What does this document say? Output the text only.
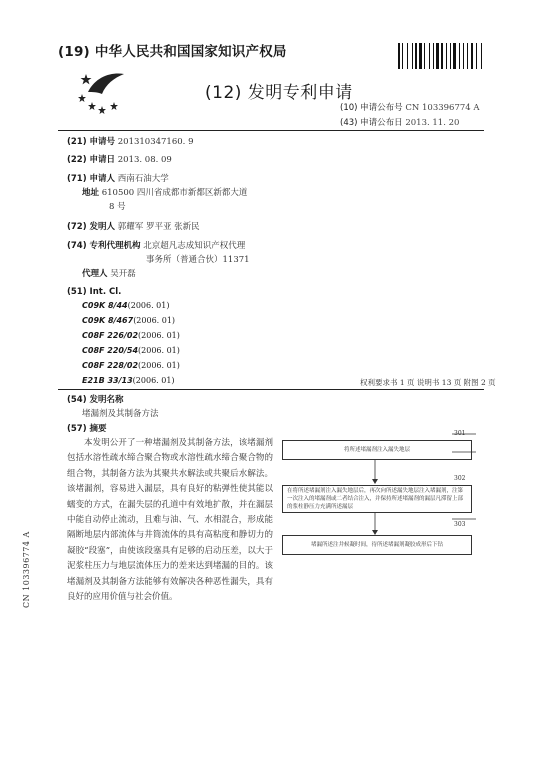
(19) 中华人民共和国国家知识产权局
(12) 发明专利申请
(10) 申请公布号 CN 103396774 A
(43) 申请公布日 2013. 11. 20
(21) 申请号 201310347160. 9
(22) 申请日 2013. 08. 09
(71) 申请人 西南石油大学
地址 610500 四川省成都市新都区新都大道
8 号
(72) 发明人 郭耀军 罗平亚 张新民
(74) 专利代理机构 北京超凡志成知识产权代理
事务所（普通合伙）11371
代理人 吴开磊
(51) Int. Cl.
C09K 8/44(2006. 01)
C09K 8/467(2006. 01)
C08F 226/02(2006. 01)
C08F 220/54(2006. 01)
C08F 228/02(2006. 01)
E21B 33/13(2006. 01)	权利要求书 1 页 说明书 13 页 附图 2 页
(54) 发明名称
堵漏剂及其制备方法
(57) 摘要
本发明公开了一种堵漏剂及其制备方法，该堵漏剂包括水溶性疏水缔合聚合物或水溶性疏水缔合聚合物的组合物，其制备方法为其聚共水解法或共聚后水解法。该堵漏剂，容易进入漏层，具有良好的粘弹性使其能以蠕变的方式，在漏失层的孔道中有效地扩散，并在漏层中能自动停止流动，且难与油、气、水相混合，形成能隔断地层内部流体与井筒流体的具有高粘度和静切力的凝胶“段塞”，由使该段塞具有足够的启动压差，以大于泥浆柱压力与地层流体压力的差来达到堵漏的目的。该堵漏剂及其制备方法能够有效解决各种恶性漏失，具有良好的应用价值与社会价值。
301
将所述堵漏剂注入漏失地层
302
在将所述堵漏剂注入漏失地层后，再次向所述漏失地层注入堵漏剂，注第一次注入的堵漏剂或二者结合注入，并保持所述堵漏剂的漏层凡滞留上部的浆柱静压力充满所述漏层
303
堵漏所述注井候凝时间，待所述堵漏剂凝胶成形后下钻
CN 103396774 A
